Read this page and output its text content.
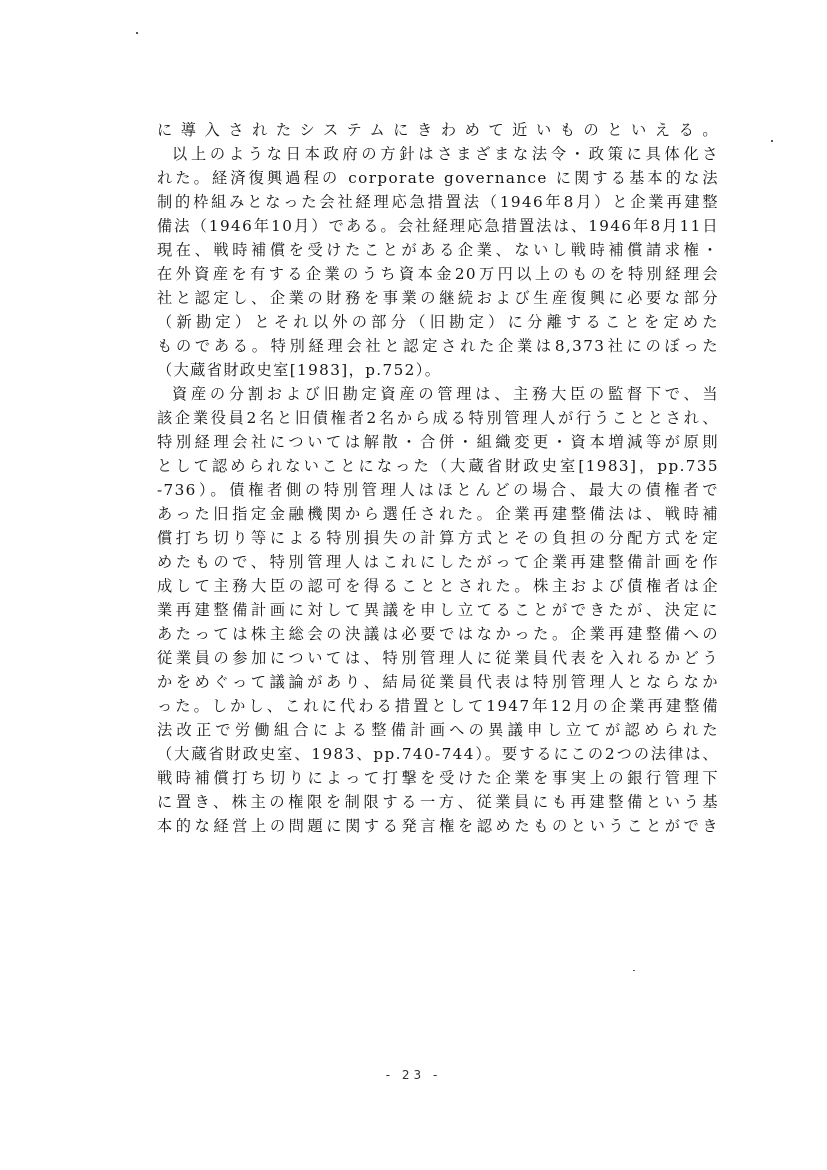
に導入されたシステムにきわめて近いものといえる。
以上のような日本政府の方針はさまざまな法令・政策に具体化さ
れた。経済復興過程の corporate governance に関する基本的な法
制的枠組みとなった会社経理応急措置法（1946年8月）と企業再建整
備法（1946年10月）である。会社経理応急措置法は、1946年8月11日
現在、戦時補償を受けたことがある企業、ないし戦時補償請求権・
在外資産を有する企業のうち資本金20万円以上のものを特別経理会
社と認定し、企業の財務を事業の継続および生産復興に必要な部分
（新勘定）とそれ以外の部分（旧勘定）に分離することを定めた
ものである。特別経理会社と認定された企業は8,373社にのぼった
（大蔵省財政史室[1983]，p.752）。
資産の分割および旧勘定資産の管理は、主務大臣の監督下で、当
該企業役員2名と旧債権者2名から成る特別管理人が行うこととされ、
特別経理会社については解散・合併・組織変更・資本増減等が原則
として認められないことになった（大蔵省財政史室[1983]，pp.735
-736）。債権者側の特別管理人はほとんどの場合、最大の債権者で
あった旧指定金融機関から選任された。企業再建整備法は、戦時補
償打ち切り等による特別損失の計算方式とその負担の分配方式を定
めたもので、特別管理人はこれにしたがって企業再建整備計画を作
成して主務大臣の認可を得ることとされた。株主および債権者は企
業再建整備計画に対して異議を申し立てることができたが、決定に
あたっては株主総会の決議は必要ではなかった。企業再建整備への
従業員の参加については、特別管理人に従業員代表を入れるかどう
かをめぐって議論があり、結局従業員代表は特別管理人とならなか
った。しかし、これに代わる措置として1947年12月の企業再建整備
法改正で労働組合による整備計画への異議申し立てが認められた
（大蔵省財政史室、1983、pp.740-744）。要するにこの2つの法律は、
戦時補償打ち切りによって打撃を受けた企業を事実上の銀行管理下
に置き、株主の権限を制限する一方、従業員にも再建整備という基
本的な経営上の問題に関する発言権を認めたものということができ
- 23 -
